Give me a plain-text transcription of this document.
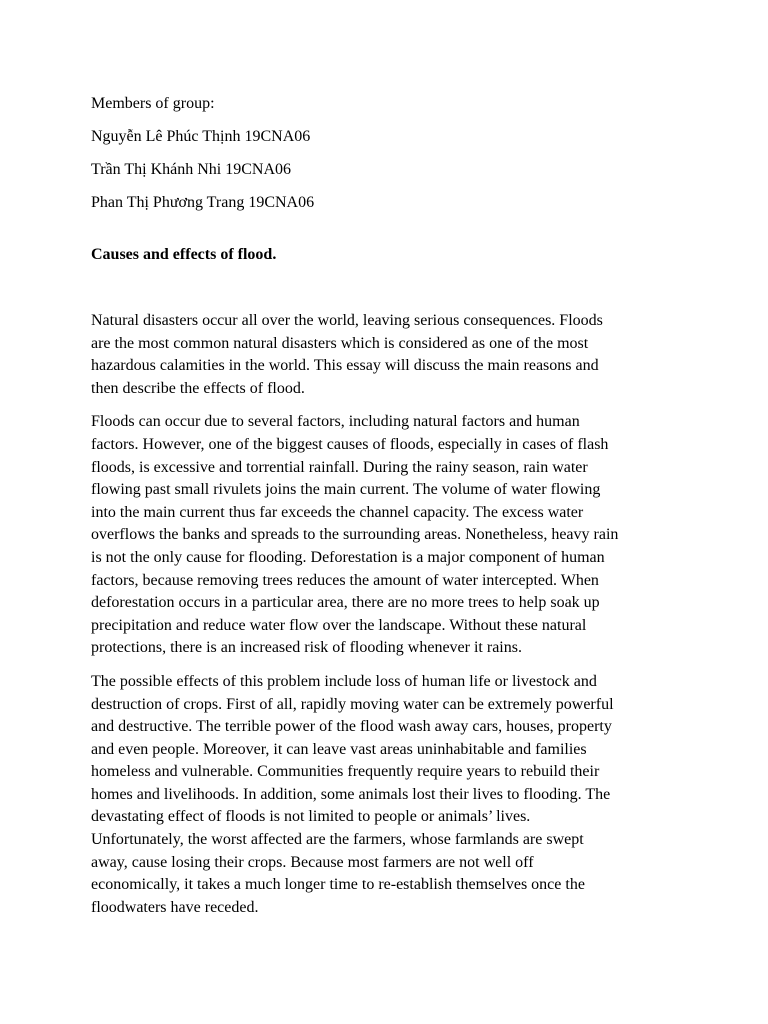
Members of group:

Nguyễn Lê Phúc Thịnh 19CNA06

Trần Thị Khánh Nhi 19CNA06

Phan Thị Phương Trang 19CNA06

Causes and effects of flood.

Natural disasters occur all over the world, leaving serious consequences. Floods
are the most common natural disasters which is considered as one of the most
hazardous calamities in the world. This essay will discuss the main reasons and
then describe the effects of flood.

Floods can occur due to several factors, including natural factors and human
factors. However, one of the biggest causes of floods, especially in cases of flash
floods, is excessive and torrential rainfall. During the rainy season, rain water
flowing past small rivulets joins the main current. The volume of water flowing
into the main current thus far exceeds the channel capacity. The excess water
overflows the banks and spreads to the surrounding areas. Nonetheless, heavy rain
is not the only cause for flooding. Deforestation is a major component of human
factors, because removing trees reduces the amount of water intercepted. When
deforestation occurs in a particular area, there are no more trees to help soak up
precipitation and reduce water flow over the landscape. Without these natural
protections, there is an increased risk of flooding whenever it rains.

The possible effects of this problem include loss of human life or livestock and
destruction of crops. First of all, rapidly moving water can be extremely powerful
and destructive. The terrible power of the flood wash away cars, houses, property
and even people. Moreover, it can leave vast areas uninhabitable and families
homeless and vulnerable. Communities frequently require years to rebuild their
homes and livelihoods. In addition, some animals lost their lives to flooding. The
devastating effect of floods is not limited to people or animals’ lives.
Unfortunately, the worst affected are the farmers, whose farmlands are swept
away, cause losing their crops. Because most farmers are not well off
economically, it takes a much longer time to re-establish themselves once the
floodwaters have receded.
